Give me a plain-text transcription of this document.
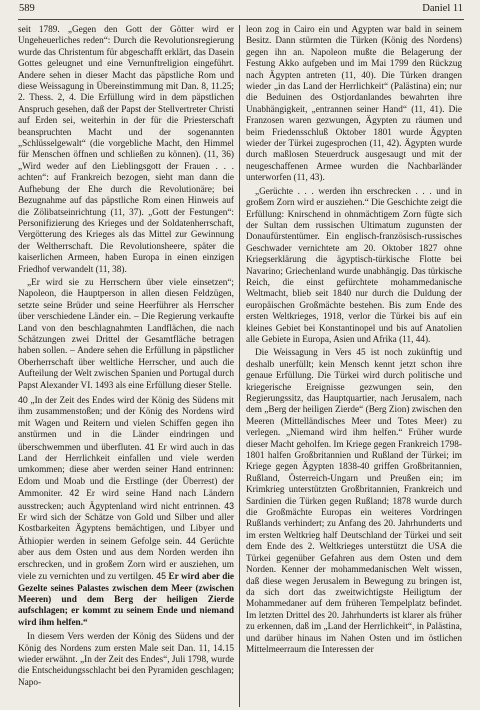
589	Daniel 11

seit 1789. „Gegen den Gott der Götter wird er Ungeheuerliches reden“: Durch die Revolutionsregierung wurde das Christentum für abgeschafft erklärt, das Dasein Gottes geleugnet und eine Vernunftreligion eingeführt. Andere sehen in dieser Macht das päpstliche Rom und diese Weissagung in Übereinstimmung mit Dan. 8, 11.25; 2. Thess. 2, 4. Die Erfüllung wird in dem päpstlichen Anspruch gesehen, daß der Papst der Stellvertreter Christi auf Erden sei, weiterhin in der für die Priesterschaft beanspruchten Macht und der sogenannten „Schlüsselgewalt“ (die vorgebliche Macht, den Himmel für Menschen öffnen und schließen zu können). (11, 36) „Wird weder auf den Lieblingsgott der Frauen . . . achten“: auf Frankreich bezogen, sieht man dann die Aufhebung der Ehe durch die Revolutionäre; bei Bezugnahme auf das päpstliche Rom einen Hinweis auf die Zölibatseinrichtung (11, 37). „Gott der Festungen“: Personifizierung des Krieges und der Soldatenherrschaft, Vergötterung des Krieges als das Mittel zur Gewinnung der Weltherrschaft. Die Revolutionsheere, später die kaiserlichen Armeen, haben Europa in einen einzigen Friedhof verwandelt (11, 38).

„Er wird sie zu Herrschern über viele einsetzen“; Napoleon, die Hauptperson in allen diesen Feldzügen, setzte seine Brüder und seine Heerführer als Herrscher über verschiedene Länder ein. – Die Regierung verkaufte Land von den beschlagnahmten Landflächen, die nach Schätzungen zwei Drittel der Gesamtfläche betragen haben sollen. – Andere sehen die Erfüllung in päpstlicher Oberherrschaft über weltliche Herrscher, und auch die Aufteilung der Welt zwischen Spanien und Portugal durch Papst Alexander VI. 1493 als eine Erfüllung dieser Stelle.

40 „In der Zeit des Endes wird der König des Südens mit ihm zusammenstoßen; und der König des Nordens wird mit Wagen und Reitern und vielen Schiffen gegen ihn anstürmen und in die Länder eindringen und überschwemmen und überfluten. 41 Er wird auch in das Land der Herrlichkeit einfallen und viele werden umkommen; diese aber werden seiner Hand entrinnen: Edom und Moab und die Erstlinge (der Überrest) der Ammoniter. 42 Er wird seine Hand nach Ländern ausstrecken; auch Ägyptenland wird nicht entrinnen. 43 Er wird sich der Schätze von Gold und Silber und aller Kostbarkeiten Ägyptens bemächtigen, und Libyer und Äthiopier werden in seinem Gefolge sein. 44 Gerüchte aber aus dem Osten und aus dem Norden werden ihn erschrecken, und in großem Zorn wird er ausziehen, um viele zu vernichten und zu vertilgen. 45 Er wird aber die Gezelte seines Palastes zwischen dem Meer (zwischen Meeren) und dem Berg der heiligen Zierde aufschlagen; er kommt zu seinem Ende und niemand wird ihm helfen.“

In diesem Vers werden der König des Südens und der König des Nordens zum ersten Male seit Dan. 11, 14.15 wieder erwähnt. „In der Zeit des Endes“, Juli 1798, wurde die Entscheidungsschlacht bei den Pyramiden geschlagen; Napo-

leon zog in Cairo ein und Ägypten war bald in seinem Besitz. Dann stürmten die Türken (König des Nordens) gegen ihn an. Napoleon mußte die Belagerung der Festung Akko aufgeben und im Mai 1799 den Rückzug nach Ägypten antreten (11, 40). Die Türken drangen wieder „in das Land der Herrlichkeit“ (Palästina) ein; nur die Beduinen des Ostjordanlandes bewahrten ihre Unabhängigkeit, „entrannen seiner Hand“ (11, 41). Die Franzosen waren gezwungen, Ägypten zu räumen und beim Friedensschluß Oktober 1801 wurde Ägypten wieder der Türkei zugesprochen (11, 42). Ägypten wurde durch maßlosen Steuerdruck ausgesaugt und mit der neugeschaffenen Armee wurden die Nachbarländer unterworfen (11, 43).

„Gerüchte . . . werden ihn erschrecken . . . und in großem Zorn wird er ausziehen.“ Die Geschichte zeigt die Erfüllung: Knirschend in ohnmächtigem Zorn fügte sich der Sultan dem russischen Ultimatum zugunsten der Donaufürstentümer. Ein englisch-französisch-russisches Geschwader vernichtete am 20. Oktober 1827 ohne Kriegserklärung die ägyptisch-türkische Flotte bei Navarino; Griechenland wurde unabhängig. Das türkische Reich, die einst gefürchtete mohammedanische Weltmacht, blieb seit 1840 nur durch die Duldung der europäischen Großmächte bestehen. Bis zum Ende des ersten Weltkrieges, 1918, verlor die Türkei bis auf ein kleines Gebiet bei Konstantinopel und bis auf Anatolien alle Gebiete in Europa, Asien und Afrika (11, 44).

Die Weissagung in Vers 45 ist noch zukünftig und deshalb unerfüllt; kein Mensch kennt jetzt schon ihre genaue Erfüllung. Die Türkei wird durch politische und kriegerische Ereignisse gezwungen sein, den Regierungssitz, das Hauptquartier, nach Jerusalem, nach dem „Berg der heiligen Zierde“ (Berg Zion) zwischen den Meeren (Mittelländisches Meer und Totes Meer) zu verlegen. „Niemand wird ihm helfen.“ Früher wurde dieser Macht geholfen. Im Kriege gegen Frankreich 1798-1801 halfen Großbritannien und Rußland der Türkei; im Kriege gegen Ägypten 1838-40 griffen Großbritannien, Rußland, Österreich-Ungarn und Preußen ein; im Krimkrieg unterstützten Großbritannien, Frankreich und Sardinien die Türken gegen Rußland; 1878 wurde durch die Großmächte Europas ein weiteres Vordringen Rußlands verhindert; zu Anfang des 20. Jahrhunderts und im ersten Weltkrieg half Deutschland der Türkei und seit dem Ende des 2. Weltkrieges unterstützt die USA die Türkei gegenüber Gefahren aus dem Osten und dem Norden. Kenner der mohammedanischen Welt wissen, daß diese wegen Jerusalem in Bewegung zu bringen ist, da sich dort das zweitwichtigste Heiligtum der Mohammedaner auf dem früheren Tempelplatz befindet. Im letzten Drittel des 20. Jahrhunderts ist klarer als früher zu erkennen, daß im „Land der Herrlichkeit“, in Palästina, und darüber hinaus im Nahen Osten und im östlichen Mittelmeerraum die Interessen der
